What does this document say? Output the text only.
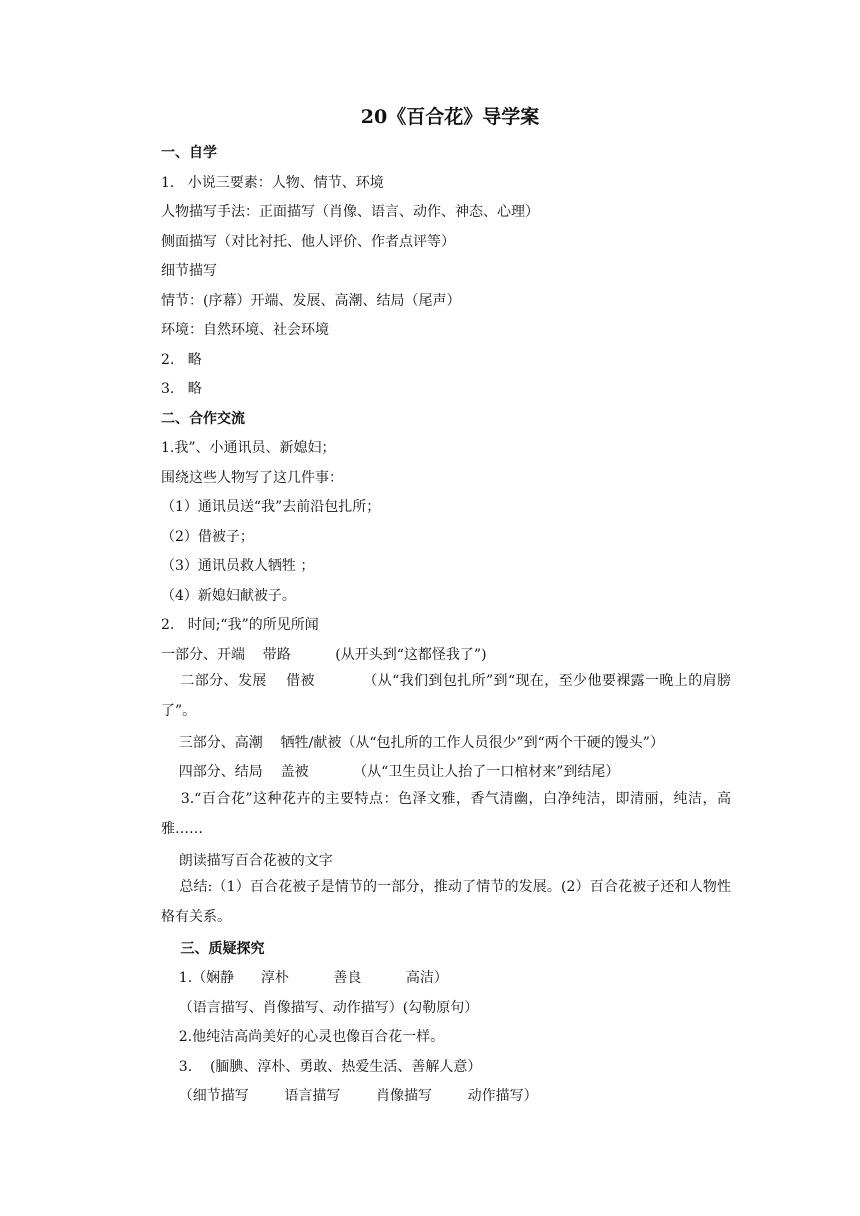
20《百合花》导学案
一、自学
1.   小说三要素：人物、情节、环境
人物描写手法：正面描写（肖像、语言、动作、神态、心理）
侧面描写（对比衬托、他人评价、作者点评等）
细节描写
情节：(序幕）开端、发展、高潮、结局（尾声）
环境：自然环境、社会环境
2.   略
3.   略
二、合作交流
1.我”、小通讯员、新媳妇；
围绕这些人物写了这几件事：
（1）通讯员送“我”去前沿包扎所；
（2）借被子；
（3）通讯员救人牺牲 ；
（4）新媳妇献被子。
2.   时间;“我”的所见所闻
一部分、开端    带路          (从开头到“这都怪我了”)
二部分、发展    借被          （从“我们到包扎所”到“现在，至少他要裸露一晚上的肩膀了”。
三部分、高潮    牺牲/献被（从“包扎所的工作人员很少”到“两个干硬的馒头”）
四部分、结局    盖被          （从“卫生员让人抬了一口棺材来”到结尾）
3.“百合花”这种花卉的主要特点：色泽文雅，香气清幽，白净纯洁，即清丽，纯洁，高雅……
朗读描写百合花被的文字
总结:（1）百合花被子是情节的一部分，推动了情节的发展。(2）百合花被子还和人物性格有关系。
三、质疑探究
1.（娴静      淳朴          善良          高洁）
（语言描写、肖像描写、动作描写）(勾勒原句）
2.他纯洁高尚美好的心灵也像百合花一样。
3.    (腼腆、淳朴、勇敢、热爱生活、善解人意）
（细节描写        语言描写        肖像描写        动作描写）
